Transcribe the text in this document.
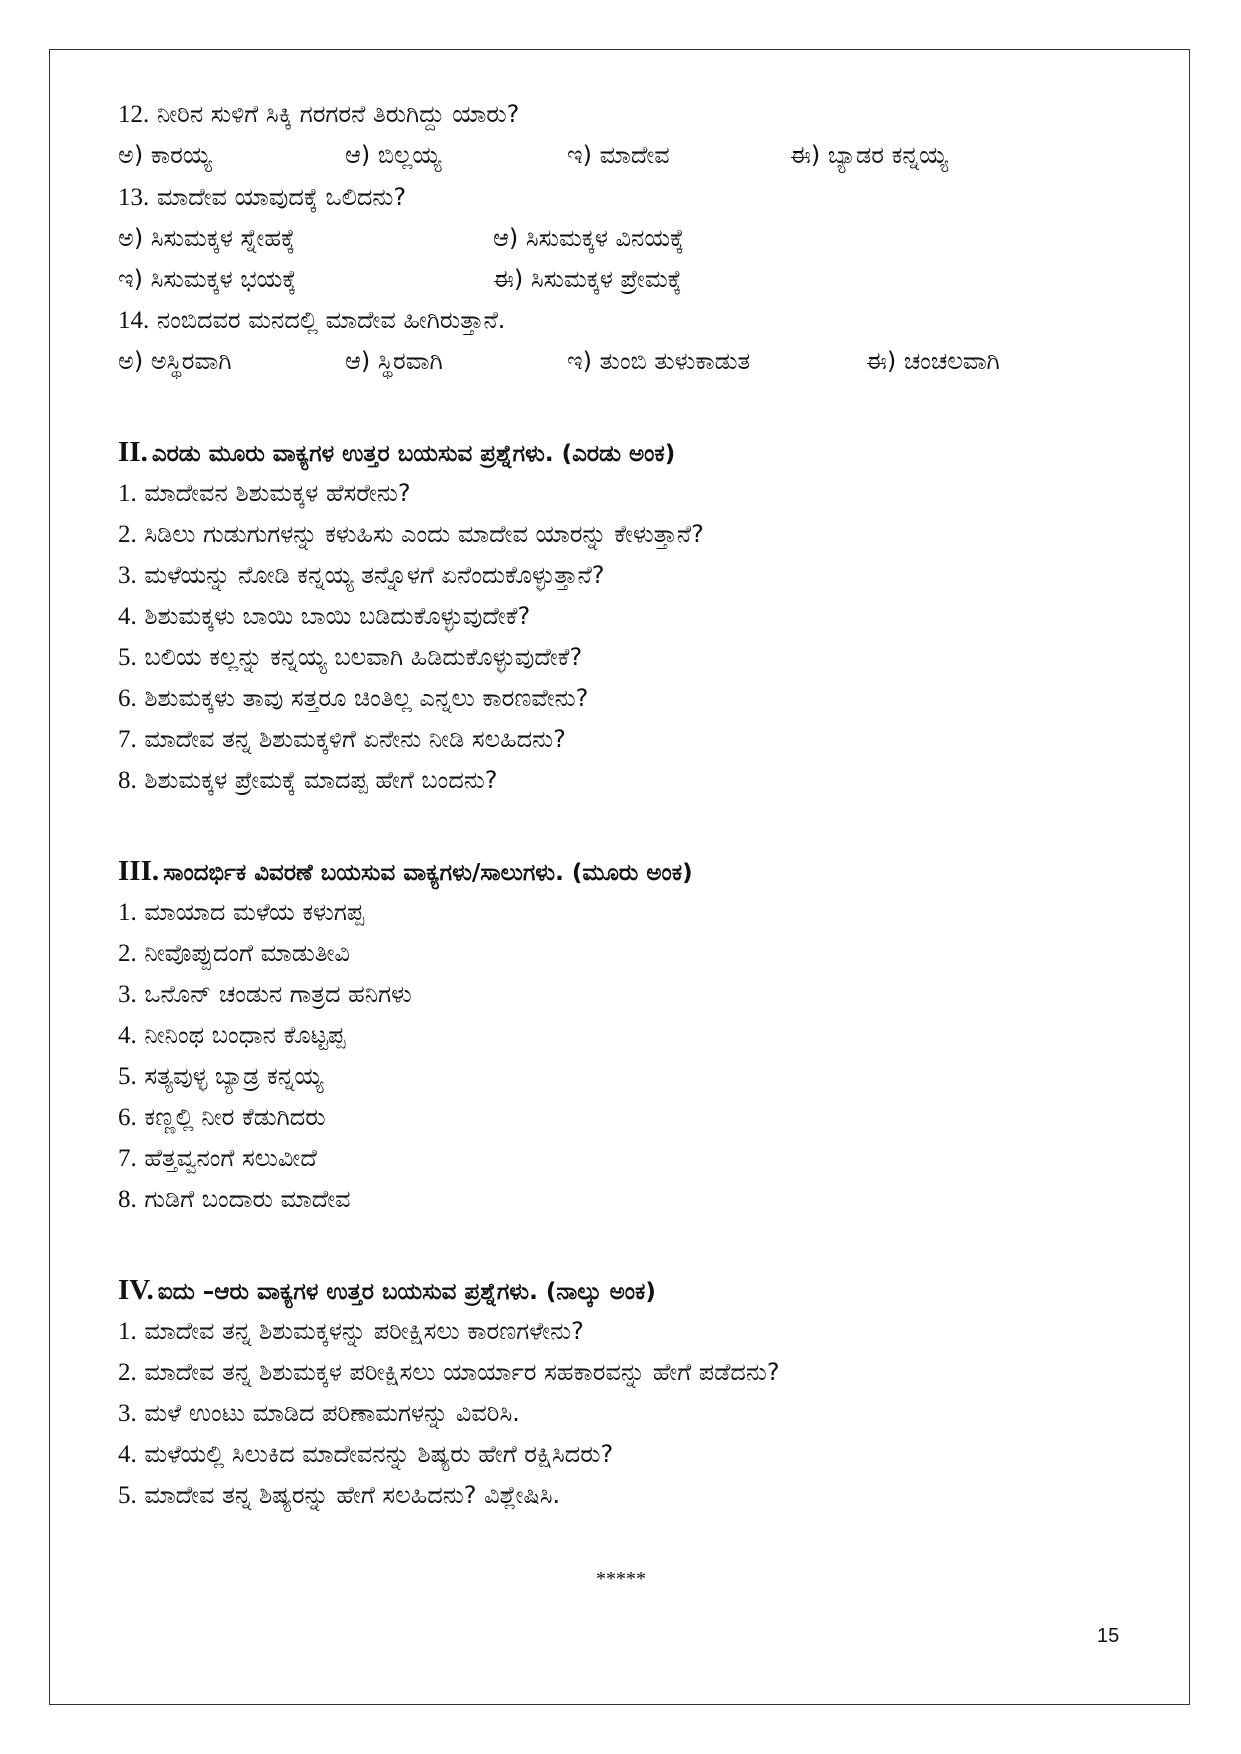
12. ನೀರಿನ ಸುಳಿಗೆ ಸಿಕ್ಕಿ ಗರಗರನೆ ತಿರುಗಿದ್ದು ಯಾರು?
ಅ) ಕಾರಯ್ಯ	ಆ) ಬಿಲ್ಲಯ್ಯ	ಇ) ಮಾದೇವ	ಈ) ಬ್ಯಾಡರ ಕನ್ನಯ್ಯ
13. ಮಾದೇವ ಯಾವುದಕ್ಕೆ ಒಲಿದನು?
ಅ) ಸಿಸುಮಕ್ಕಳ ಸ್ನೇಹಕ್ಕೆ	ಆ) ಸಿಸುಮಕ್ಕಳ ವಿನಯಕ್ಕೆ
ಇ) ಸಿಸುಮಕ್ಕಳ ಭಯಕ್ಕೆ	ಈ) ಸಿಸುಮಕ್ಕಳ ಪ್ರೇಮಕ್ಕೆ
14. ನಂಬಿದವರ ಮನದಲ್ಲಿ ಮಾದೇವ ಹೀಗಿರುತ್ತಾನೆ.
ಅ) ಅಸ್ಥಿರವಾಗಿ	ಆ) ಸ್ಥಿರವಾಗಿ	ಇ) ತುಂಬಿ ತುಳುಕಾಡುತ	ಈ) ಚಂಚಲವಾಗಿ
II. ಎರಡು ಮೂರು ವಾಕ್ಯಗಳ ಉತ್ತರ ಬಯಸುವ ಪ್ರಶ್ನೆಗಳು. (ಎರಡು ಅಂಕ)
1. ಮಾದೇವನ ಶಿಶುಮಕ್ಕಳ ಹೆಸರೇನು?
2. ಸಿಡಿಲು ಗುಡುಗುಗಳನ್ನು ಕಳುಹಿಸು ಎಂದು ಮಾದೇವ ಯಾರನ್ನು ಕೇಳುತ್ತಾನೆ?
3. ಮಳೆಯನ್ನು ನೋಡಿ ಕನ್ನಯ್ಯ ತನ್ನೊಳಗೆ ಏನೆಂದುಕೊಳ್ಳುತ್ತಾನೆ?
4. ಶಿಶುಮಕ್ಕಳು ಬಾಯಿ ಬಾಯಿ ಬಡಿದುಕೊಳ್ಳುವುದೇಕೆ?
5. ಬಲಿಯ ಕಲ್ಲನ್ನು ಕನ್ನಯ್ಯ ಬಲವಾಗಿ ಹಿಡಿದುಕೊಳ್ಳುವುದೇಕೆ?
6. ಶಿಶುಮಕ್ಕಳು ತಾವು ಸತ್ತರೂ ಚಿಂತಿಲ್ಲ ಎನ್ನಲು ಕಾರಣವೇನು?
7. ಮಾದೇವ ತನ್ನ ಶಿಶುಮಕ್ಕಳಿಗೆ ಏನೇನು ನೀಡಿ ಸಲಹಿದನು?
8. ಶಿಶುಮಕ್ಕಳ ಪ್ರೇಮಕ್ಕೆ ಮಾದಪ್ಪ ಹೇಗೆ ಬಂದನು?
III. ಸಾಂದರ್ಭಿಕ ವಿವರಣೆ ಬಯಸುವ ವಾಕ್ಯಗಳು/ಸಾಲುಗಳು. (ಮೂರು ಅಂಕ)
1. ಮಾಯಾದ ಮಳೆಯ ಕಳುಗಪ್ಪ
2. ನೀವೊಪ್ಪುದಂಗೆ ಮಾಡುತೀವಿ
3. ಒನೊನ್ ಚಂಡುನ ಗಾತ್ರದ ಹನಿಗಳು
4. ನೀನಿಂಥ ಬಂಧಾನ ಕೊಟ್ಟಪ್ಪ
5. ಸತ್ಯವುಳ್ಳ ಬ್ಯಾಡ್ರ ಕನ್ನಯ್ಯ
6. ಕಣ್ಣಲ್ಲಿ ನೀರ ಕೆಡುಗಿದರು
7. ಹೆತ್ತವ್ವನಂಗೆ ಸಲುವೀದೆ
8. ಗುಡಿಗೆ ಬಂದಾರು ಮಾದೇವ
IV. ಐದು –ಆರು ವಾಕ್ಯಗಳ ಉತ್ತರ ಬಯಸುವ ಪ್ರಶ್ನೆಗಳು. (ನಾಲ್ಕು ಅಂಕ)
1. ಮಾದೇವ ತನ್ನ ಶಿಶುಮಕ್ಕಳನ್ನು ಪರೀಕ್ಷಿಸಲು ಕಾರಣಗಳೇನು?
2. ಮಾದೇವ ತನ್ನ ಶಿಶುಮಕ್ಕಳ ಪರೀಕ್ಷಿಸಲು ಯಾರ್ಯಾರ ಸಹಕಾರವನ್ನು ಹೇಗೆ ಪಡೆದನು?
3. ಮಳೆ ಉಂಟು ಮಾಡಿದ ಪರಿಣಾಮಗಳನ್ನು ವಿವರಿಸಿ.
4. ಮಳೆಯಲ್ಲಿ ಸಿಲುಕಿದ ಮಾದೇವನನ್ನು ಶಿಷ್ಯರು ಹೇಗೆ ರಕ್ಷಿಸಿದರು?
5. ಮಾದೇವ ತನ್ನ ಶಿಷ್ಯರನ್ನು ಹೇಗೆ ಸಲಹಿದನು? ವಿಶ್ಲೇಷಿಸಿ.
*****
15
